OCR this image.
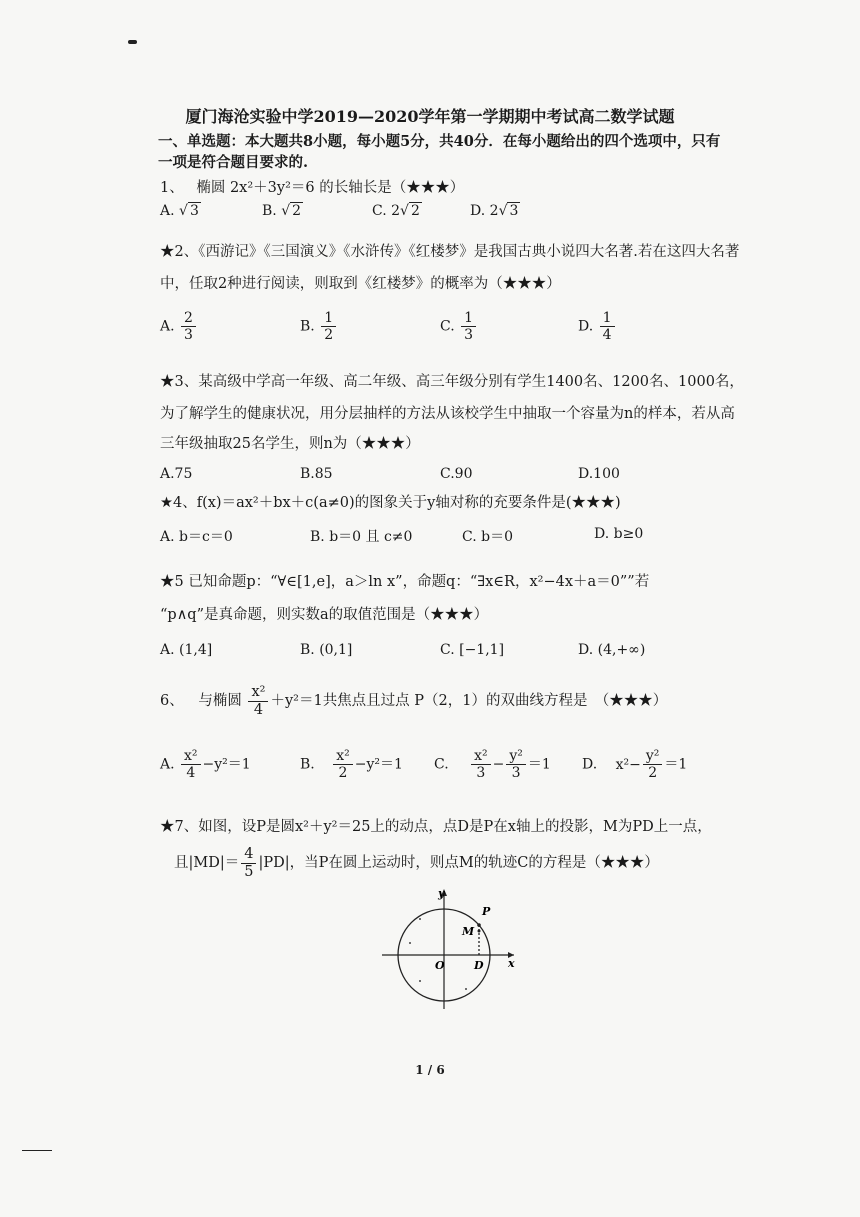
厦门海沧实验中学2019—2020学年第一学期期中考试高二数学试题
一、单选题：本大题共8小题，每小题5分，共40分．在每小题给出的四个选项中，只有
一项是符合题目要求的.
1、 椭圆 2x²＋3y²＝6 的长轴长是（★★★）
A. √ 3	B. √ 2	C. 2√ 2	D. 2√ 3
★2、《西游记》《三国演义》《水浒传》《红楼梦》是我国古典小说四大名著.若在这四大名著
中，任取2种进行阅读，则取到《红楼梦》的概率为（★★★）
A. $\frac{2}{3}$	B. $\frac{1}{2}$	C. $\frac{1}{3}$	D. $\frac{1}{4}$
★3、某高级中学高一年级、高二年级、高三年级分别有学生1400名、1200名、1000名，
为了解学生的健康状况，用分层抽样的方法从该校学生中抽取一个容量为n的样本，若从高
三年级抽取25名学生，则n为（★★★）
A.75	B.85	C.90	D.100
★4、f(x)＝ax²＋bx＋c(a≠0)的图象关于y轴对称的充要条件是(★★★)
A. b＝c＝0	B. b＝0 且 c≠0	C. b＝0	D. b≥0
★5 已知命题p：“∀∈[1,e]，a＞ln x”，命题q：“∃x∈R，x²−4x＋a＝0””若
“p∧q”是真命题，则实数a的取值范围是（★★★）
A. (1,4]	B. (0,1]	C. [−1,1]	D. (4,+∞)
6、 与椭圆 $\frac{\text{x²}}{4} +y^2=1$共焦点且过点 P（2，1）的双曲线方程是　（★★★）
A. $\frac{\text{x²}}{4} -y^2=1$	B. $\frac{\text{x²}}{2} -y^2=1$ C. $\frac{\text{x²}}{3} - \frac{\text{y²}}{3} =1$ D. $x^2- \frac{\text{y²}}{2} =1$
★7、如图，设P是圆x²＋y²＝25上的动点，点D是P在x轴上的投影，M为PD上一点，
且$|MD|= \frac{4}{5} |PD|$，当P在圆上运动时，则点M的轨迹C的方程是（★★★）
y
x
O
P
M
D
1 / 6
